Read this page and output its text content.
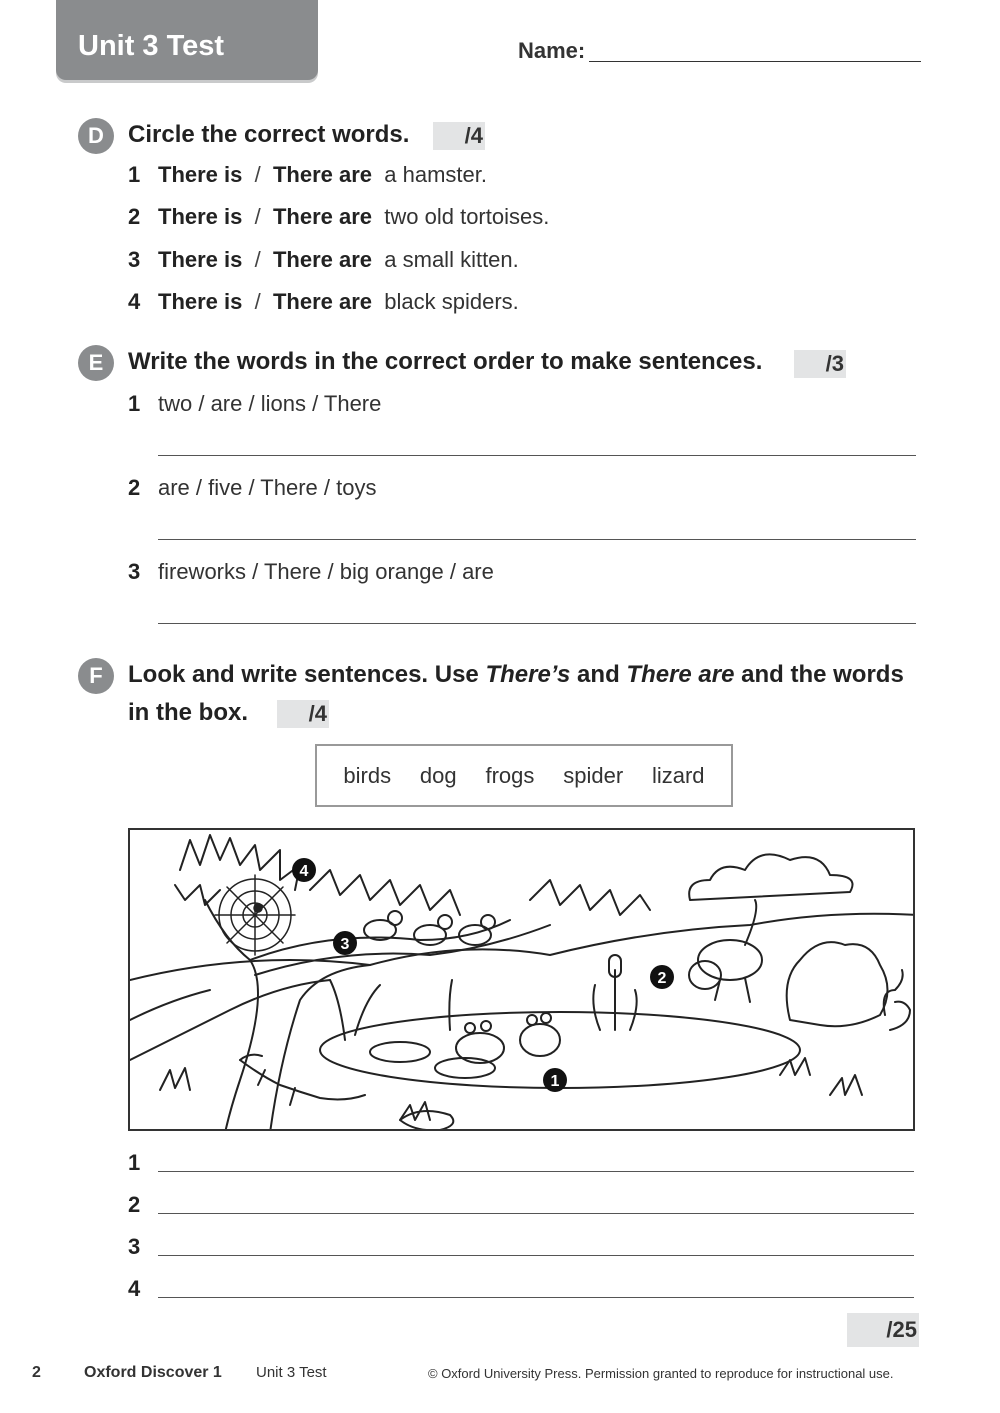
Unit 3 Test	Name:
D	Circle the correct words.	/4
1 There is / There are a hamster.
2 There is / There are two old tortoises.
3 There is / There are a small kitten.
4 There is / There are black spiders.
E	Write the words in the correct order to make sentences.	/3
1 two / are / lions / There
2 are / five / There / toys
3 fireworks / There / big orange / are
F	Look and write sentences. Use There’s and There are and the words
in the box.	/4
birds dog frogs spider lizard
1
2
3
4
1
2
3
4
/25
2	Oxford Discover 1 Unit 3 Test	© Oxford University Press. Permission granted to reproduce for instructional use.
